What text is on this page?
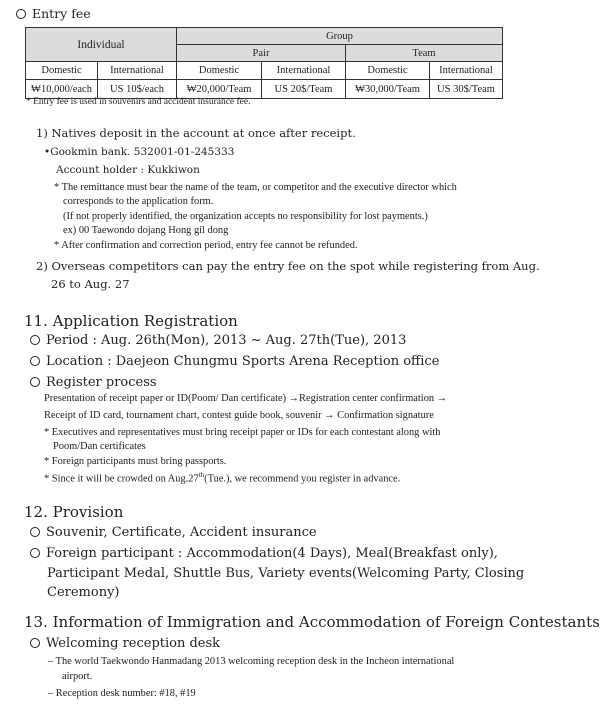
Entry fee
Individual		Group			
		Pair		Team	
Domestic	International	Domestic	International	Domestic	International
₩10,000/each	US 10$/each	₩20,000/Team	US 20$/Team	₩30,000/Team	US 30$/Team
* Entry fee is used in souvenirs and accident insurance fee.
1) Natives deposit in the account at once after receipt.
•Gookmin bank. 532001-01-245333
Account holder : Kukkiwon
* The remittance must bear the name of the team, or competitor and the executive director which
corresponds to the application form.
(If not properly identified, the organization accepts no responsibility for lost payments.)
ex) 00 Taewondo dojang Hong gil dong
* After confirmation and correction period, entry fee cannot be refunded.
2) Overseas competitors can pay the entry fee on the spot while registering from Aug.
26 to Aug. 27
11. Application Registration
Period : Aug. 26th(Mon), 2013 ~ Aug. 27th(Tue), 2013
Location : Daejeon Chungmu Sports Arena Reception office
Register process
Presentation of receipt paper or ID(Poom/ Dan certificate) →Registration center confirmation →
Receipt of ID card, tournament chart, contest guide book, souvenir → Confirmation signature
* Executives and representatives must bring receipt paper or IDs for each contestant along with
Poom/Dan certificates
* Foreign participants must bring passports.
* Since it will be crowded on Aug.27th(Tue.), we recommend you register in advance.
12. Provision
Souvenir, Certificate, Accident insurance
Foreign participant : Accommodation(4 Days), Meal(Breakfast only),
Participant Medal, Shuttle Bus, Variety events(Welcoming Party, Closing
Ceremony)
13. Information of Immigration and Accommodation of Foreign Contestants
Welcoming reception desk
– The world Taekwondo Hanmadang 2013 welcoming reception desk in the Incheon international
airport.
– Reception desk number: #18, #19
